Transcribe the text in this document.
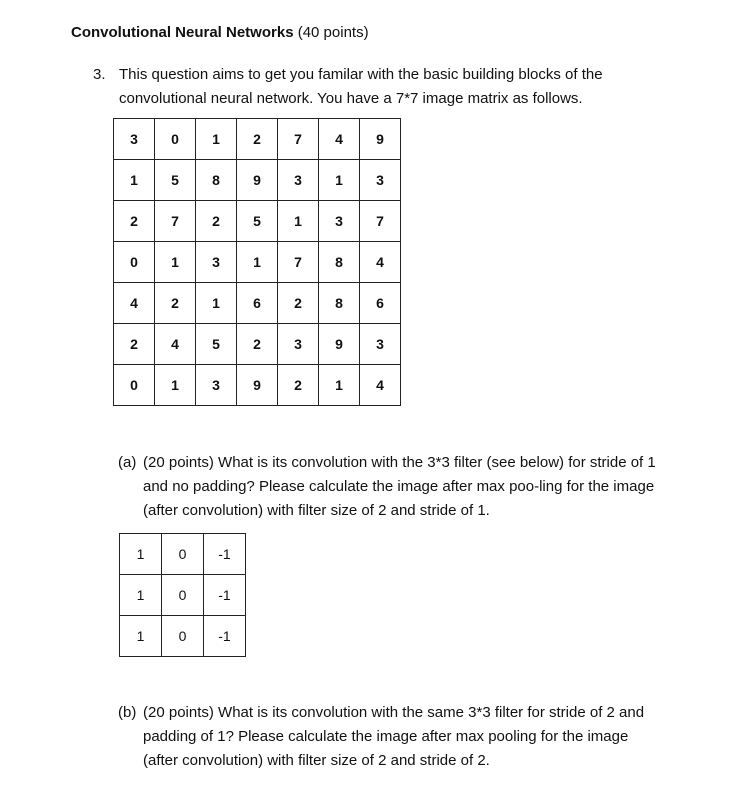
Convolutional Neural Networks (40 points)
3. This question aims to get you familar with the basic building blocks of the convolutional neural network. You have a 7*7 image matrix as follows.
3	0	1	2	7	4	9
1	5	8	9	3	1	3
2	7	2	5	1	3	7
0	1	3	1	7	8	4
4	2	1	6	2	8	6
2	4	5	2	3	9	3
0	1	3	9	2	1	4
(a) (20 points) What is its convolution with the 3*3 filter (see below) for stride of 1 and no padding? Please calculate the image after max poo-ling for the image (after convolution) with filter size of 2 and stride of 1.
1	0	-1
1	0	-1
1	0	-1
(b) (20 points) What is its convolution with the same 3*3 filter for stride of 2 and padding of 1? Please calculate the image after max pooling for the image (after convolution) with filter size of 2 and stride of 2.
